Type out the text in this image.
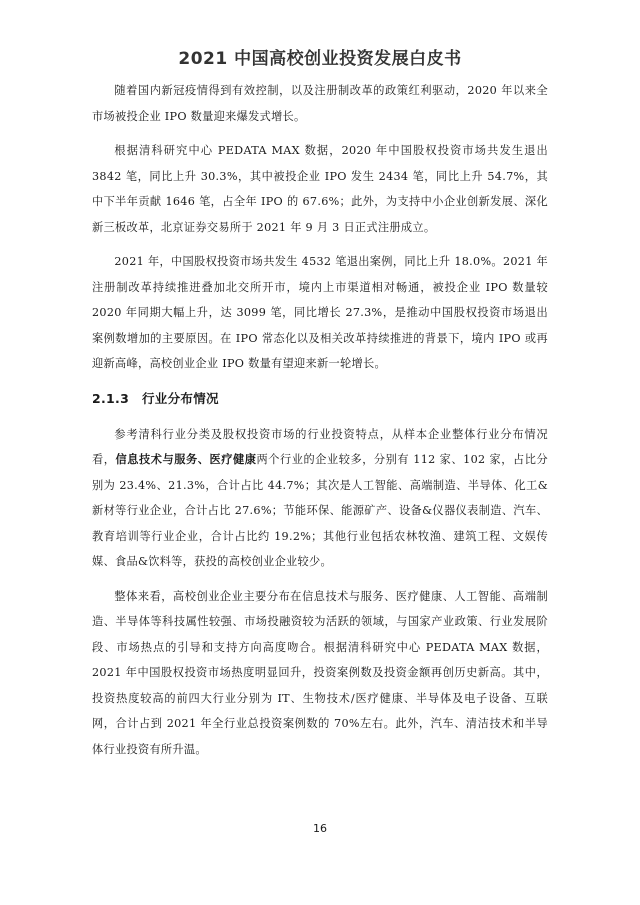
2021 中国高校创业投资发展白皮书

随着国内新冠疫情得到有效控制，以及注册制改革的政策红利驱动，2020 年以来全市场被投企业 IPO 数量迎来爆发式增长。

根据清科研究中心 PEDATA MAX 数据，2020 年中国股权投资市场共发生退出 3842 笔，同比上升 30.3%，其中被投企业 IPO 发生 2434 笔，同比上升 54.7%，其中下半年贡献 1646 笔，占全年 IPO 的 67.6%；此外，为支持中小企业创新发展、深化新三板改革，北京证券交易所于 2021 年 9 月 3 日正式注册成立。

2021 年，中国股权投资市场共发生 4532 笔退出案例，同比上升 18.0%。2021 年注册制改革持续推进叠加北交所开市，境内上市渠道相对畅通，被投企业 IPO 数量较 2020 年同期大幅上升，达 3099 笔，同比增长 27.3%，是推动中国股权投资市场退出案例数增加的主要原因。在 IPO 常态化以及相关改革持续推进的背景下，境内 IPO 或再迎新高峰，高校创业企业 IPO 数量有望迎来新一轮增长。

2.1.3 行业分布情况

参考清科行业分类及股权投资市场的行业投资特点，从样本企业整体行业分布情况看，信息技术与服务、医疗健康两个行业的企业较多，分别有 112 家、102 家，占比分别为 23.4%、21.3%，合计占比 44.7%；其次是人工智能、高端制造、半导体、化工&新材等行业企业，合计占比 27.6%；节能环保、能源矿产、设备&仪器仪表制造、汽车、教育培训等行业企业，合计占比约 19.2%；其他行业包括农林牧渔、建筑工程、文娱传媒、食品&饮料等，获投的高校创业企业较少。

整体来看，高校创业企业主要分布在信息技术与服务、医疗健康、人工智能、高端制造、半导体等科技属性较强、市场投融资较为活跃的领域，与国家产业政策、行业发展阶段、市场热点的引导和支持方向高度吻合。根据清科研究中心 PEDATA MAX 数据，2021 年中国股权投资市场热度明显回升，投资案例数及投资金额再创历史新高。其中，投资热度较高的前四大行业分别为 IT、生物技术/医疗健康、半导体及电子设备、互联网，合计占到 2021 年全行业总投资案例数的 70%左右。此外，汽车、清洁技术和半导体行业投资有所升温。

16
